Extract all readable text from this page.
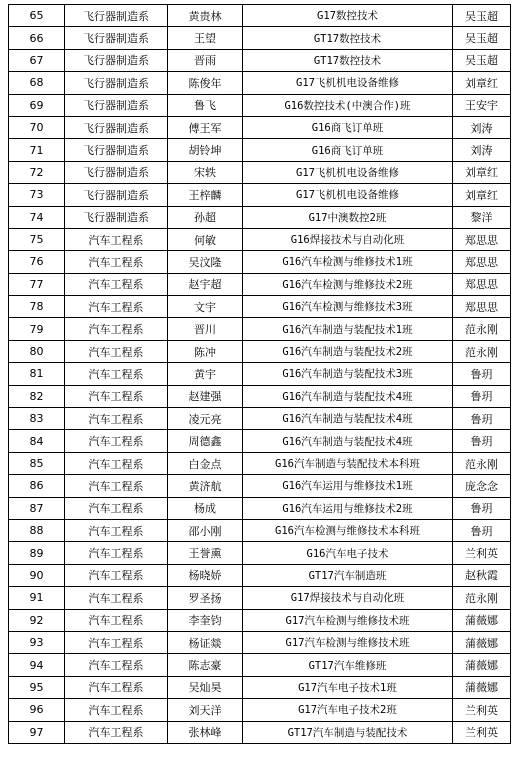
65	飞行器制造系	黄贵林	G17数控技术	吴玉超
66	飞行器制造系	王望	GT17数控技术	吴玉超
67	飞行器制造系	晋雨	GT17数控技术	吴玉超
68	飞行器制造系	陈俊年	G17飞机机电设备维修	刘章红
69	飞行器制造系	鲁飞	G16数控技术(中澳合作)班	王安宇
70	飞行器制造系	傅王军	G16商飞订单班	刘涛
71	飞行器制造系	胡铃坤	G16商飞订单班	刘涛
72	飞行器制造系	宋轶	G17飞机机电设备维修	刘章红
73	飞行器制造系	王梓麟	G17飞机机电设备维修	刘章红
74	飞行器制造系	孙超	G17中澳数控2班	黎洋
75	汽车工程系	何敏	G16焊接技术与自动化班	郑思思
76	汽车工程系	吴汶隆	G16汽车检测与维修技术1班	郑思思
77	汽车工程系	赵宇超	G16汽车检测与维修技术2班	郑思思
78	汽车工程系	文宇	G16汽车检测与维修技术3班	郑思思
79	汽车工程系	晋川	G16汽车制造与装配技术1班	范永刚
80	汽车工程系	陈冲	G16汽车制造与装配技术2班	范永刚
81	汽车工程系	黄宇	G16汽车制造与装配技术3班	鲁玥
82	汽车工程系	赵建强	G16汽车制造与装配技术4班	鲁玥
83	汽车工程系	凌元亮	G16汽车制造与装配技术4班	鲁玥
84	汽车工程系	周德鑫	G16汽车制造与装配技术4班	鲁玥
85	汽车工程系	白金点	G16汽车制造与装配技术本科班	范永刚
86	汽车工程系	黄济航	G16汽车运用与维修技术1班	庞念念
87	汽车工程系	杨成	G16汽车运用与维修技术2班	鲁玥
88	汽车工程系	邵小刚	G16汽车检测与维修技术本科班	鲁玥
89	汽车工程系	王誉熏	G16汽车电子技术	兰利英
90	汽车工程系	杨晓娇	GT17汽车制造班	赵秋霞
91	汽车工程系	罗圣扬	G17焊接技术与自动化班	范永刚
92	汽车工程系	李奎钧	G17汽车检测与维修技术班	蒲薇娜
93	汽车工程系	杨证燚	G17汽车检测与维修技术班	蒲薇娜
94	汽车工程系	陈志豪	GT17汽车维修班	蒲薇娜
95	汽车工程系	吴灿昊	G17汽车电子技术1班	蒲薇娜
96	汽车工程系	刘天洋	G17汽车电子技术2班	兰利英
97	汽车工程系	张林峰	GT17汽车制造与装配技术	兰利英
